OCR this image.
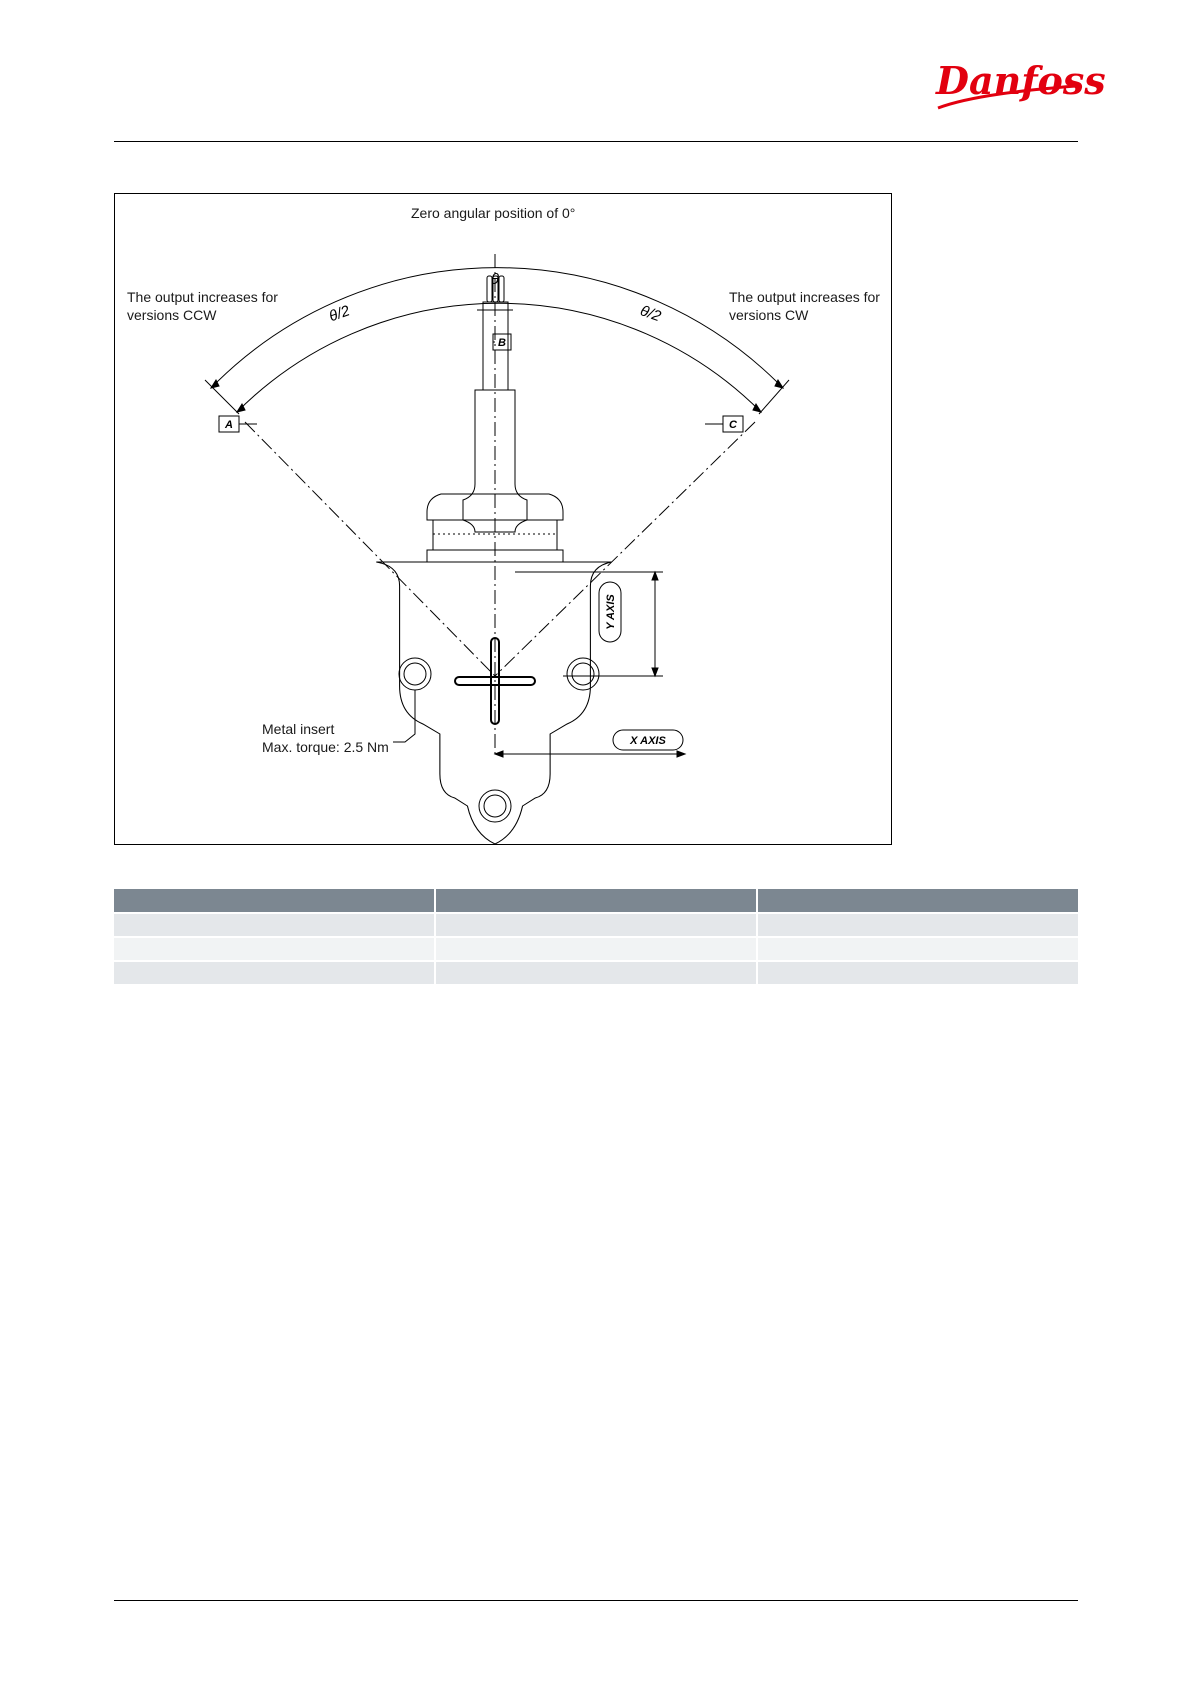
Danfoss
θ
θ/2	θ/2
A
B
C
Y AXIS
X AXIS
Zero angular position of 0°
The output increases for
versions CCW
The output increases for
versions CW
Metal insert
Max. torque: 2.5 Nm
